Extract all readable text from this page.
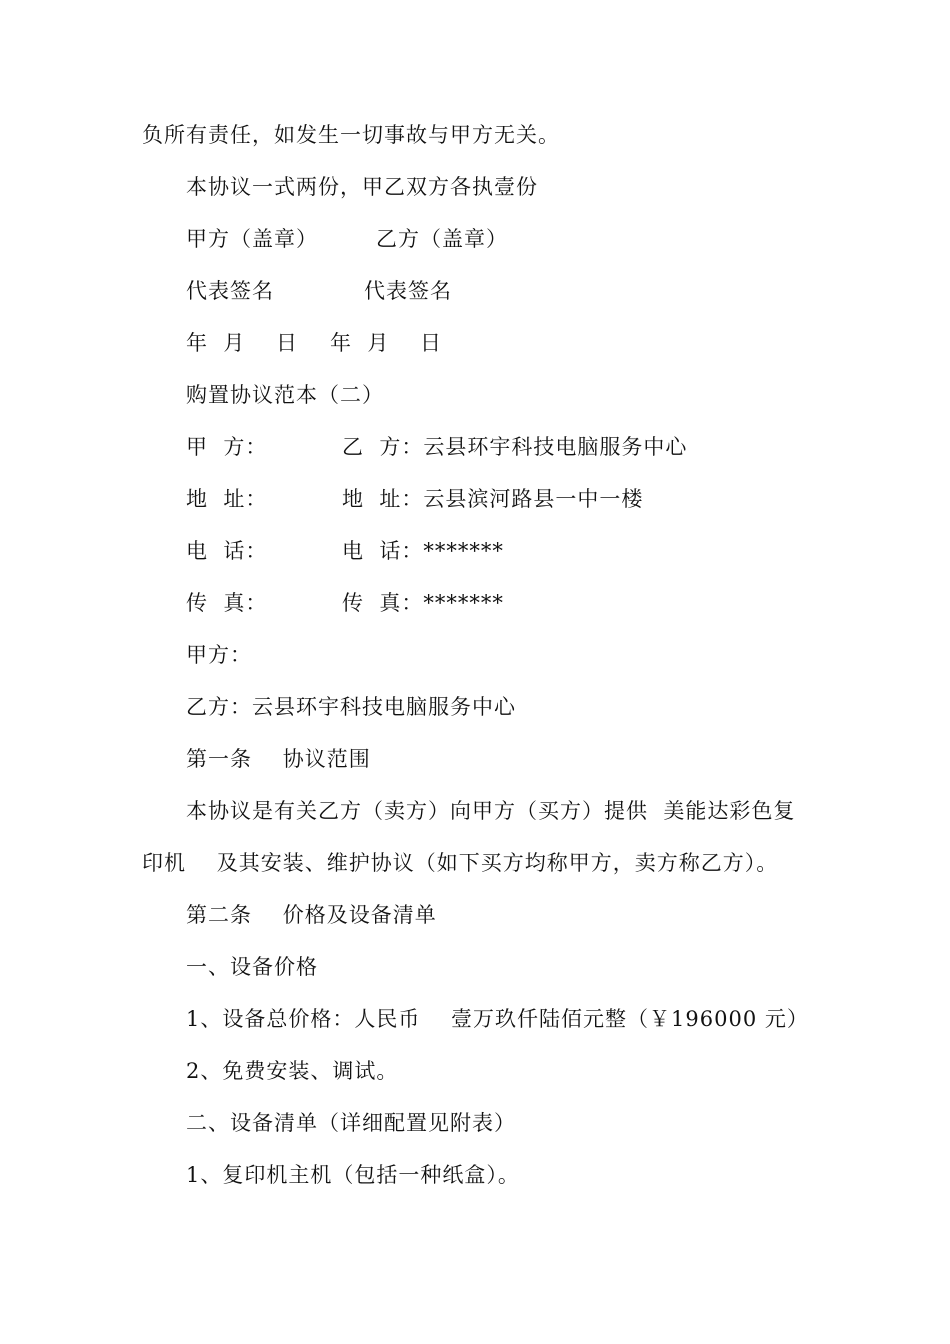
负所有责任，如发生一切事故与甲方无关。
本协议一式两份，甲乙双方各执壹份
甲方（盖章）	乙方（盖章）
代表签名	代表签名
年  月    日 年  月    日
购置协议范本（二）
甲  方：	乙  方：云县环宇科技电脑服务中心
地  址：	地  址：云县滨河路县一中一楼
电  话：	电  话：*******
传  真：	传  真：*******
甲方：
乙方：云县环宇科技电脑服务中心
第一条    协议范围
本协议是有关乙方（卖方）向甲方（买方）提供  美能达彩色复
印机    及其安装、维护协议（如下买方均称甲方，卖方称乙方）。
第二条    价格及设备清单
一、设备价格
1、设备总价格：人民币    壹万玖仟陆佰元整（￥196000 元）
2、免费安装、调试。
二、设备清单（详细配置见附表）
1、复印机主机（包括一种纸盒）。
